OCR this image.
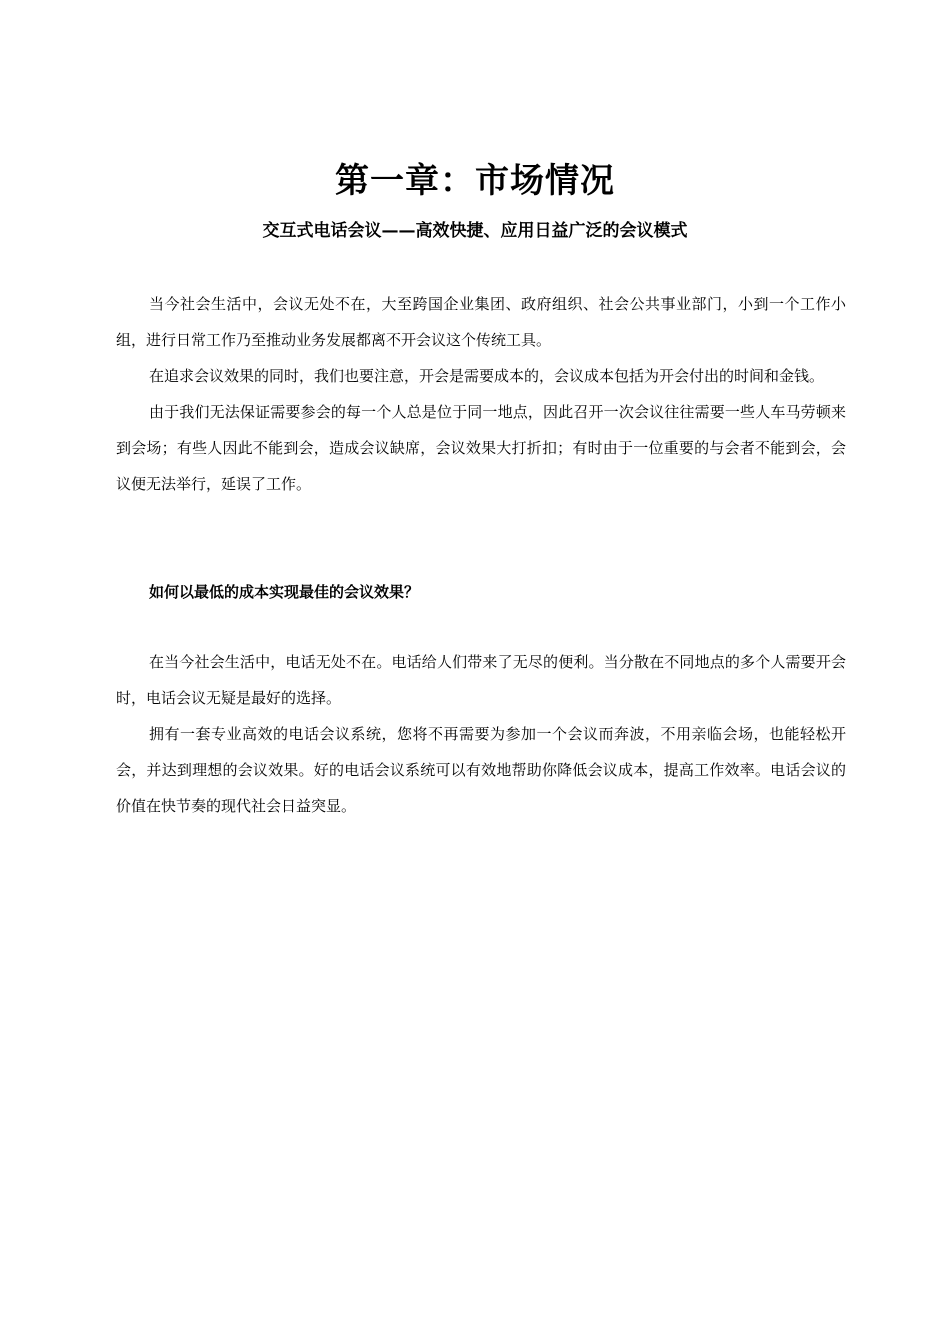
第一章：市场情况
交互式电话会议——高效快捷、应用日益广泛的会议模式

当今社会生活中，会议无处不在，大至跨国企业集团、政府组织、社会公共事业部门，小到一个工作小组，进行日常工作乃至推动业务发展都离不开会议这个传统工具。

在追求会议效果的同时，我们也要注意，开会是需要成本的，会议成本包括为开会付出的时间和金钱。

由于我们无法保证需要参会的每一个人总是位于同一地点，因此召开一次会议往往需要一些人车马劳顿来到会场；有些人因此不能到会，造成会议缺席，会议效果大打折扣；有时由于一位重要的与会者不能到会，会议便无法举行，延误了工作。

如何以最低的成本实现最佳的会议效果？

在当今社会生活中，电话无处不在。电话给人们带来了无尽的便利。当分散在不同地点的多个人需要开会时，电话会议无疑是最好的选择。

拥有一套专业高效的电话会议系统，您将不再需要为参加一个会议而奔波，不用亲临会场，也能轻松开会，并达到理想的会议效果。好的电话会议系统可以有效地帮助你降低会议成本，提高工作效率。电话会议的价值在快节奏的现代社会日益突显。
